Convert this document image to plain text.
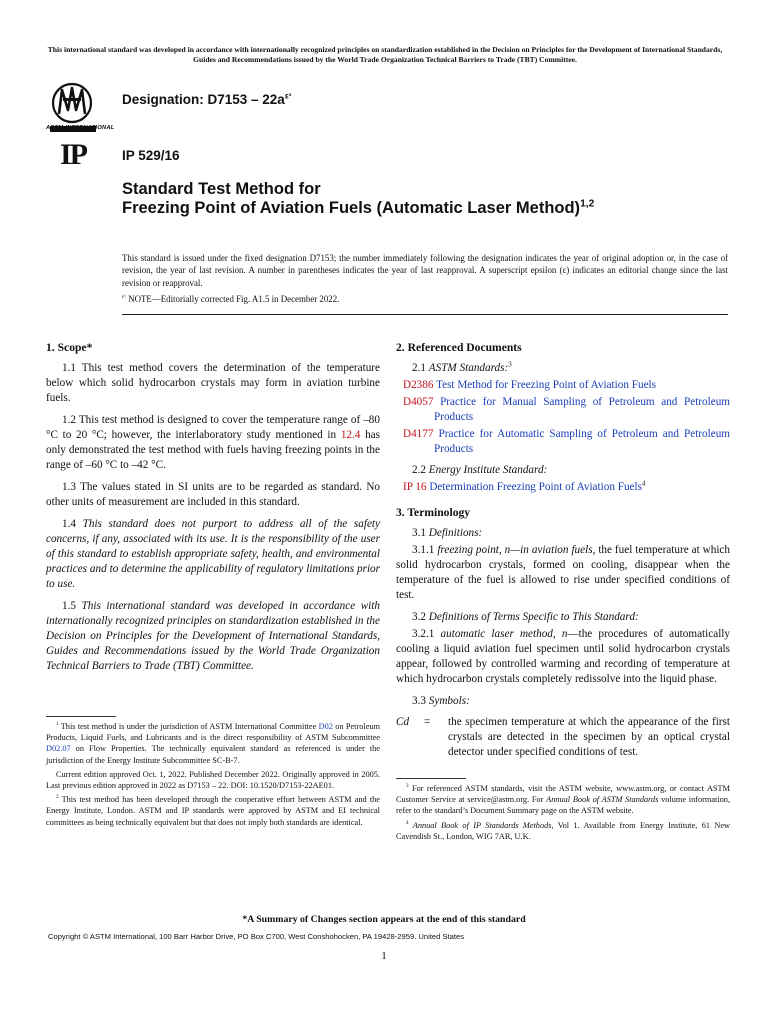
This international standard was developed in accordance with internationally recognized principles on standardization established in the Decision on Principles for the Development of International Standards, Guides and Recommendations issued by the World Trade Organization Technical Barriers to Trade (TBT) Committee.
ASTM INTERNATIONAL
Designation: $D7153 - 22a^{\varepsilon^1}$
IP	IP 529/16
Standard Test Method for
Freezing Point of Aviation Fuels (Automatic Laser Method)$^{1,2}$
This standard is issued under the fixed designation D7153; the number immediately following the designation indicates the year of original adoption or, in the case of revision, the year of last revision. A number in parentheses indicates the year of last reapproval. A superscript epsilon (ε) indicates an editorial change since the last revision or reapproval.
$^{\varepsilon^1}$ NOTE—Editorially corrected Fig. A1.5 in December 2022.
1. Scope*

1.1 This test method covers the determination of the temperature below which solid hydrocarbon crystals may form in aviation turbine fuels.

1.2 This test method is designed to cover the temperature range of –80 °C to 20 °C; however, the interlaboratory study mentioned in 12.4 has only demonstrated the test method with fuels having freezing points in the range of –60 °C to –42 °C.

1.3 The values stated in SI units are to be regarded as standard. No other units of measurement are included in this standard.

1.4 This standard does not purport to address all of the safety concerns, if any, associated with its use. It is the responsibility of the user of this standard to establish appropriate safety, health, and environmental practices and to determine the applicability of regulatory limitations prior to use.

1.5 This international standard was developed in accordance with internationally recognized principles on standardization established in the Decision on Principles for the Development of International Standards, Guides and Recommendations issued by the World Trade Organization Technical Barriers to Trade (TBT) Committee.

2. Referenced Documents
2.1 ASTM Standards:$^3$
D2386 Test Method for Freezing Point of Aviation Fuels
D4057 Practice for Manual Sampling of Petroleum and Petroleum Products
D4177 Practice for Automatic Sampling of Petroleum and Petroleum Products
2.2 Energy Institute Standard:
IP 16 Determination Freezing Point of Aviation Fuels$^4$
3. Terminology
3.1 Definitions:

3.1.1 freezing point, n—in aviation fuels, the fuel temperature at which solid hydrocarbon crystals, formed on cooling, disappear when the temperature of the fuel is allowed to rise under specified conditions of test.

3.2 Definitions of Terms Specific to This Standard:

3.2.1 automatic laser method, n—the procedures of automatically cooling a liquid aviation fuel specimen until solid hydrocarbon crystals appear, followed by controlled warming and recording of temperature at which hydrocarbon crystals completely redissolve into the liquid phase.

3.3 Symbols:
Cd	=	the specimen temperature at which the appearance of the first crystals are detected in the specimen by an optical crystal detector under specified conditions of test.

$^1$ This test method is under the jurisdiction of ASTM International Committee D02 on Petroleum Products, Liquid Fuels, and Lubricants and is the direct responsibility of ASTM Subcommittee D02.07 on Flow Properties. The technically equivalent standard as referenced is under the jurisdiction of the Energy Institute Subcommittee SC-B-7.

Current edition approved Oct. 1, 2022. Published December 2022. Originally approved in 2005. Last previous edition approved in 2022 as D7153 – 22. DOI: 10.1520/D7153-22AE01.

$^2$ This test method has been developed through the cooperative effort between ASTM and the Energy Institute, London. ASTM and IP standards were approved by ASTM and EI technical committees as being technically equivalent but that does not imply both standards are identical.

$^3$ For referenced ASTM standards, visit the ASTM website, www.astm.org, or contact ASTM Customer Service at service@astm.org. For Annual Book of ASTM Standards volume information, refer to the standard’s Document Summary page on the ASTM website.

$^4$ Annual Book of IP Standards Methods, Vol 1. Available from Energy Institute, 61 New Cavendish St., London, WIG 7AR, U.K.

*A Summary of Changes section appears at the end of this standard
Copyright © ASTM International, 100 Barr Harbor Drive, PO Box C700, West Conshohocken, PA 19428-2959. United States
1
